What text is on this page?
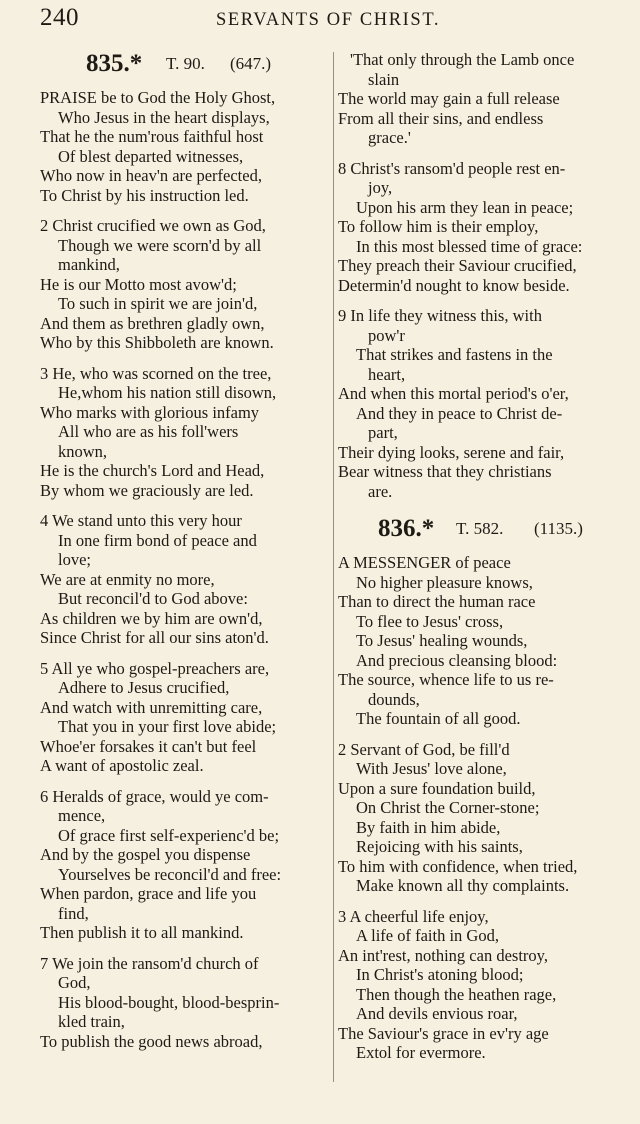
240	SERVANTS OF CHRIST.
835.* T. 90. (647.)
PRAISE be to God the Holy Ghost,
Who Jesus in the heart displays,
That he the num'rous faithful host
Of blest departed witnesses,
Who now in heav'n are perfected,
To Christ by his instruction led.
2 Christ crucified we own as God,
Though we were scorn'd by all
mankind,
He is our Motto most avow'd;
To such in spirit we are join'd,
And them as brethren gladly own,
Who by this Shibboleth are known.
3 He, who was scorned on the tree,
He,whom his nation still disown,
Who marks with glorious infamy
All who are as his foll'wers
known,
He is the church's Lord and Head,
By whom we graciously are led.
4 We stand unto this very hour
In one firm bond of peace and
love;
We are at enmity no more,
But reconcil'd to God above:
As children we by him are own'd,
Since Christ for all our sins aton'd.
5 All ye who gospel-preachers are,
Adhere to Jesus crucified,
And watch with unremitting care,
That you in your first love abide;
Whoe'er forsakes it can't but feel
A want of apostolic zeal.
6 Heralds of grace, would ye com-
mence,
Of grace first self-experienc'd be;
And by the gospel you dispense
Yourselves be reconcil'd and free:
When pardon, grace and life you
find,
Then publish it to all mankind.
7 We join the ransom'd church of
God,
His blood-bought, blood-besprin-
kled train,
To publish the good news abroad,
'That only through the Lamb once
slain
The world may gain a full release
From all their sins, and endless
grace.'
8 Christ's ransom'd people rest en-
joy,
Upon his arm they lean in peace;
To follow him is their employ,
In this most blessed time of grace:
They preach their Saviour crucified,
Determin'd nought to know beside.
9 In life they witness this, with
pow'r
That strikes and fastens in the
heart,
And when this mortal period's o'er,
And they in peace to Christ de-
part,
Their dying looks, serene and fair,
Bear witness that they christians
are.
836.* T. 582. (1135.)
A MESSENGER of peace
No higher pleasure knows,
Than to direct the human race
To flee to Jesus' cross,
To Jesus' healing wounds,
And precious cleansing blood:
The source, whence life to us re-
dounds,
The fountain of all good.
2 Servant of God, be fill'd
With Jesus' love alone,
Upon a sure foundation build,
On Christ the Corner-stone;
By faith in him abide,
Rejoicing with his saints,
To him with confidence, when tried,
Make known all thy complaints.
3 A cheerful life enjoy,
A life of faith in God,
An int'rest, nothing can destroy,
In Christ's atoning blood;
Then though the heathen rage,
And devils envious roar,
The Saviour's grace in ev'ry age
Extol for evermore.
